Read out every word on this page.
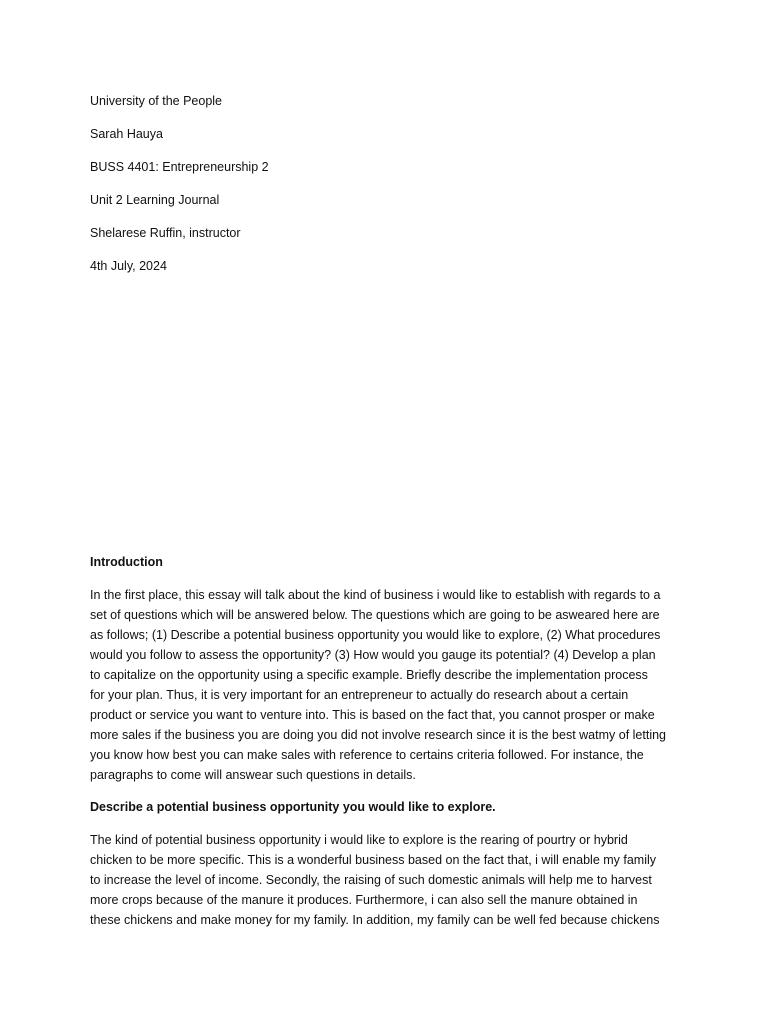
University of the People
Sarah Hauya
BUSS 4401: Entrepreneurship 2
Unit 2 Learning Journal
Shelarese Ruffin, instructor
4th July, 2024
Introduction
In the first place, this essay will talk about the kind of business i would like to establish with regards to a
set of questions which will be answered below. The questions which are going to be asweared here are
as follows; (1) Describe a potential business opportunity you would like to explore, (2) What procedures
would you follow to assess the opportunity? (3) How would you gauge its potential? (4) Develop a plan
to capitalize on the opportunity using a specific example. Briefly describe the implementation process
for your plan. Thus, it is very important for an entrepreneur to actually do research about a certain
product or service you want to venture into. This is based on the fact that, you cannot prosper or make
more sales if the business you are doing you did not involve research since it is the best watmy of letting
you know how best you can make sales with reference to certains criteria followed. For instance, the
paragraphs to come will answear such questions in details.
Describe a potential business opportunity you would like to explore.
The kind of potential business opportunity i would like to explore is the rearing of pourtry or hybrid
chicken to be more specific. This is a wonderful business based on the fact that, i will enable my family
to increase the level of income. Secondly, the raising of such domestic animals will help me to harvest
more crops because of the manure it produces. Furthermore, i can also sell the manure obtained in
these chickens and make money for my family. In addition, my family can be well fed because chickens
